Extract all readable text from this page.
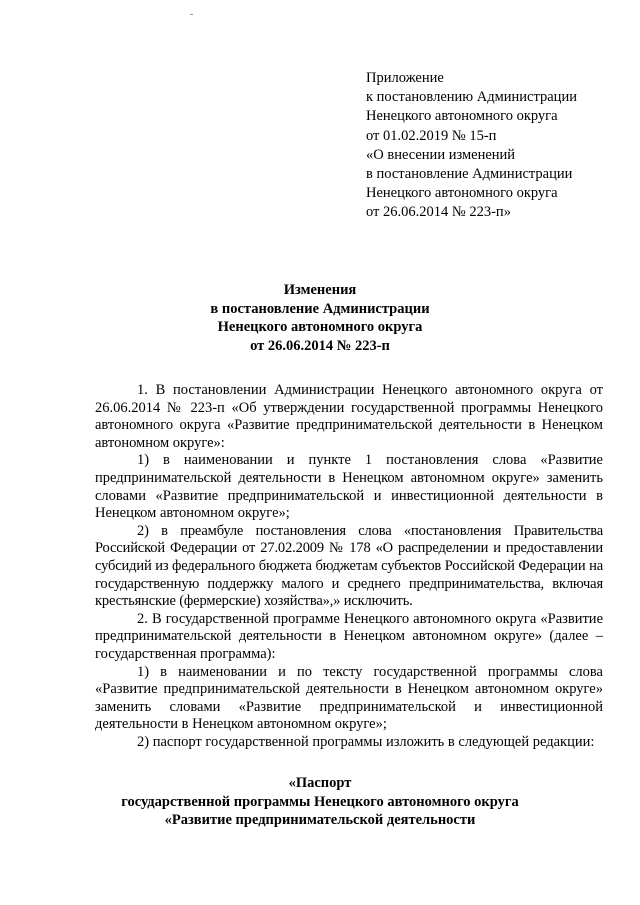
Приложение
к постановлению Администрации
Ненецкого автономного округа
от 01.02.2019 № 15-п
«О внесении изменений
в постановление Администрации
Ненецкого автономного округа
от 26.06.2014 № 223-п»
Изменения
в постановление Администрации
Ненецкого автономного округа
от 26.06.2014 № 223-п

1. В постановлении Администрации Ненецкого автономного округа от 26.06.2014 № 223-п «Об утверждении государственной программы Ненецкого автономного округа «Развитие предпринимательской деятельности в Ненецком автономном округе»:

1) в наименовании и пункте 1 постановления слова «Развитие предпринимательской деятельности в Ненецком автономном округе» заменить словами «Развитие предпринимательской и инвестиционной деятельности в Ненецком автономном округе»;

2) в преамбуле постановления слова «постановления Правительства Российской Федерации от 27.02.2009 № 178 «О распределении и предоставлении субсидий из федерального бюджета бюджетам субъектов Российской Федерации на государственную поддержку малого и среднего предпринимательства, включая крестьянские (фермерские) хозяйства»,» исключить.

2. В государственной программе Ненецкого автономного округа «Развитие предпринимательской деятельности в Ненецком автономном округе» (далее – государственная программа):

1) в наименовании и по тексту государственной программы слова «Развитие предпринимательской деятельности в Ненецком автономном округе» заменить словами «Развитие предпринимательской и инвестиционной деятельности в Ненецком автономном округе»;

2) паспорт государственной программы изложить в следующей редакции:

«Паспорт
государственной программы Ненецкого автономного округа
«Развитие предпринимательской деятельности
